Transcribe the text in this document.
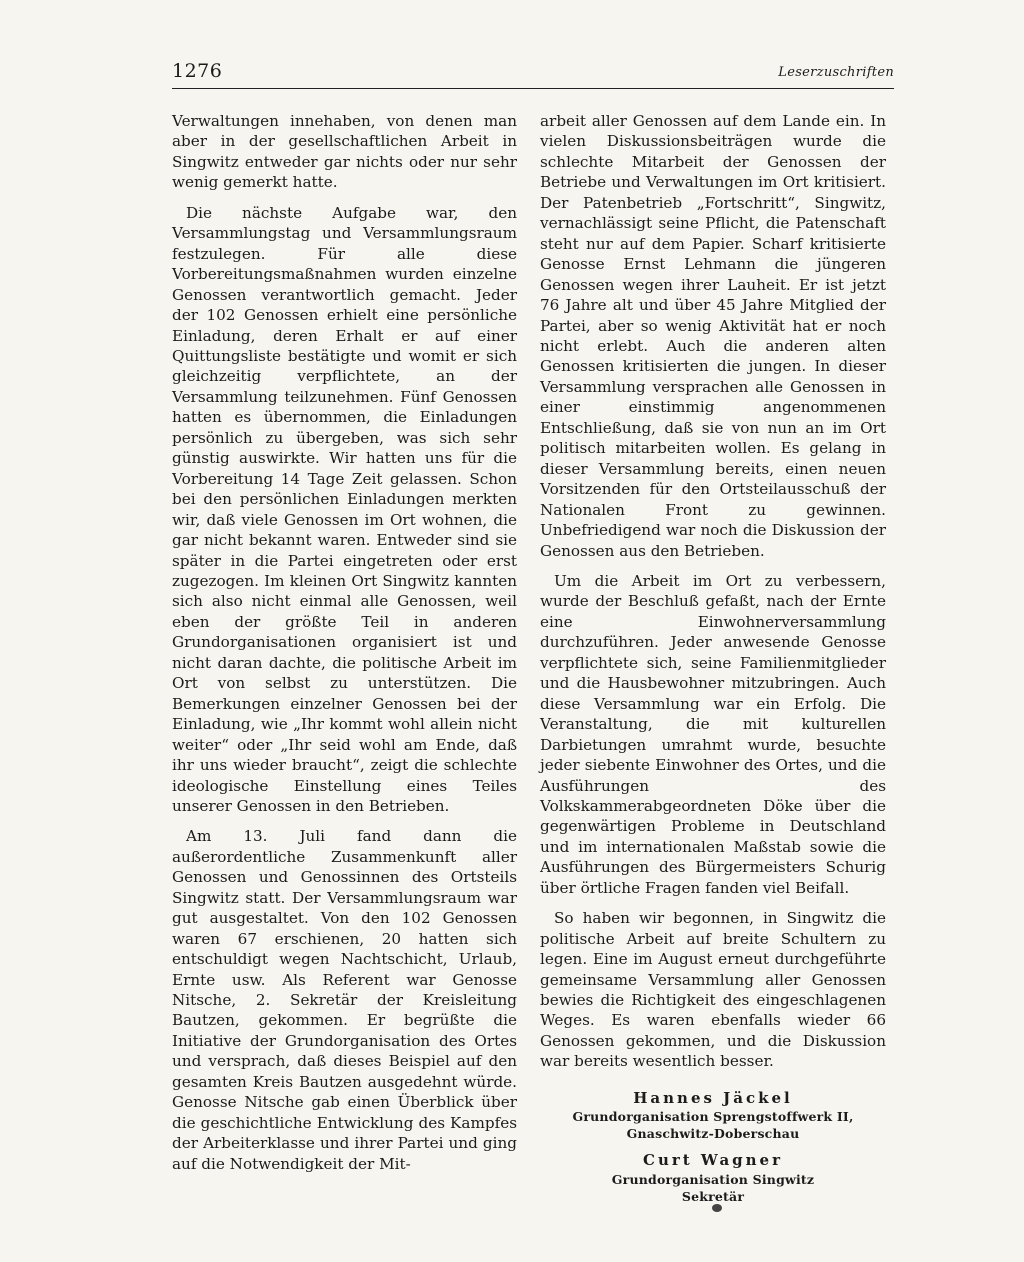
1276	Leserzuschriften

Verwaltungen innehaben, von denen man aber in der gesellschaftlichen Arbeit in Singwitz entweder gar nichts oder nur sehr wenig gemerkt hatte.

Die nächste Aufgabe war, den Versammlungstag und Versammlungsraum festzulegen. Für alle diese Vorbereitungsmaßnahmen wurden einzelne Genossen verantwortlich gemacht. Jeder der 102 Genossen erhielt eine persönliche Einladung, deren Erhalt er auf einer Quittungsliste bestätigte und womit er sich gleichzeitig verpflichtete, an der Versammlung teilzunehmen. Fünf Genossen hatten es übernommen, die Einladungen persönlich zu übergeben, was sich sehr günstig auswirkte. Wir hatten uns für die Vorbereitung 14 Tage Zeit gelassen. Schon bei den persönlichen Einladungen merkten wir, daß viele Genossen im Ort wohnen, die gar nicht bekannt waren. Entweder sind sie später in die Partei eingetreten oder erst zugezogen. Im kleinen Ort Singwitz kannten sich also nicht einmal alle Genossen, weil eben der größte Teil in anderen Grundorganisationen organisiert ist und nicht daran dachte, die politische Arbeit im Ort von selbst zu unterstützen. Die Bemerkungen einzelner Genossen bei der Einladung, wie „Ihr kommt wohl allein nicht weiter“ oder „Ihr seid wohl am Ende, daß ihr uns wieder braucht“, zeigt die schlechte ideologische Einstellung eines Teiles unserer Genossen in den Betrieben.

Am 13. Juli fand dann die außerordentliche Zusammenkunft aller Genossen und Genossinnen des Ortsteils Singwitz statt. Der Versammlungsraum war gut ausgestaltet. Von den 102 Genossen waren 67 erschienen, 20 hatten sich entschuldigt wegen Nachtschicht, Urlaub, Ernte usw. Als Referent war Genosse Nitsche, 2. Sekretär der Kreisleitung Bautzen, gekommen. Er begrüßte die Initiative der Grundorganisation des Ortes und versprach, daß dieses Beispiel auf den gesamten Kreis Bautzen ausgedehnt würde. Genosse Nitsche gab einen Überblick über die geschichtliche Entwicklung des Kampfes der Arbeiterklasse und ihrer Partei und ging auf die Notwendigkeit der Mit-

arbeit aller Genossen auf dem Lande ein. In vielen Diskussionsbeiträgen wurde die schlechte Mitarbeit der Genossen der Betriebe und Verwaltungen im Ort kritisiert. Der Patenbetrieb „Fortschritt“, Singwitz, vernachlässigt seine Pflicht, die Patenschaft steht nur auf dem Papier. Scharf kritisierte Genosse Ernst Lehmann die jüngeren Genossen wegen ihrer Lauheit. Er ist jetzt 76 Jahre alt und über 45 Jahre Mitglied der Partei, aber so wenig Aktivität hat er noch nicht erlebt. Auch die anderen alten Genossen kritisierten die jungen. In dieser Versammlung versprachen alle Genossen in einer einstimmig angenommenen Entschließung, daß sie von nun an im Ort politisch mitarbeiten wollen. Es gelang in dieser Versammlung bereits, einen neuen Vorsitzenden für den Ortsteilausschuß der Nationalen Front zu gewinnen. Unbefriedigend war noch die Diskussion der Genossen aus den Betrieben.

Um die Arbeit im Ort zu verbessern, wurde der Beschluß gefaßt, nach der Ernte eine Einwohnerversammlung durchzuführen. Jeder anwesende Genosse verpflichtete sich, seine Familienmitglieder und die Hausbewohner mitzubringen. Auch diese Versammlung war ein Erfolg. Die Veranstaltung, die mit kulturellen Darbietungen umrahmt wurde, besuchte jeder siebente Einwohner des Ortes, und die Ausführungen des Volkskammerabgeordneten Döke über die gegenwärtigen Probleme in Deutschland und im internationalen Maßstab sowie die Ausführungen des Bürgermeisters Schurig über örtliche Fragen fanden viel Beifall.

So haben wir begonnen, in Singwitz die politische Arbeit auf breite Schultern zu legen. Eine im August erneut durchgeführte gemeinsame Versammlung aller Genossen bewies die Richtigkeit des eingeschlagenen Weges. Es waren ebenfalls wieder 66 Genossen gekommen, und die Diskussion war bereits wesentlich besser.

Hannes Jäckel
Grundorganisation Sprengstoffwerk II,
Gnaschwitz-Doberschau
Curt Wagner
Grundorganisation Singwitz
Sekretär
